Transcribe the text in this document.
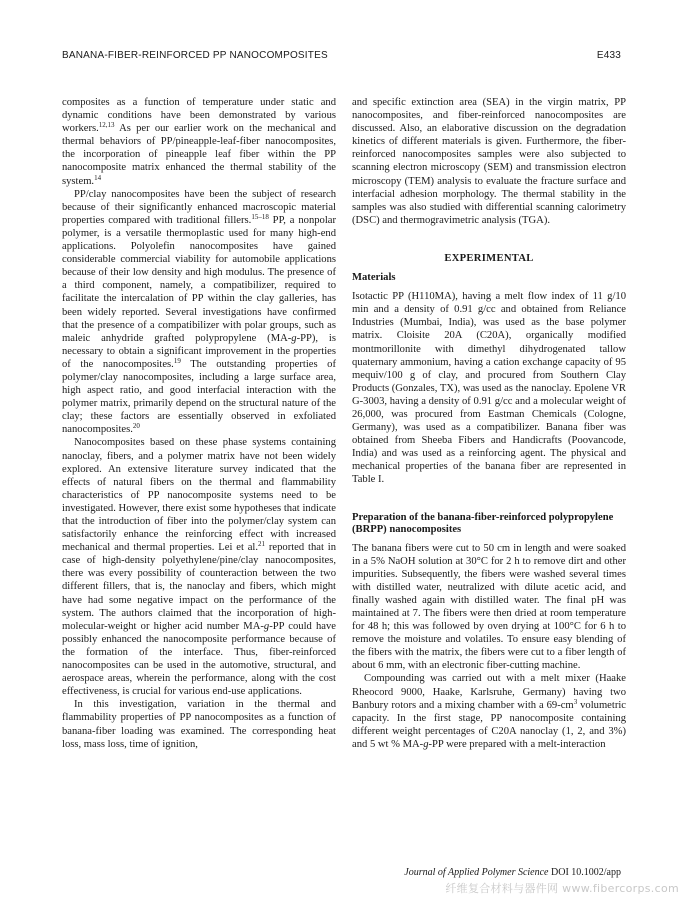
BANANA-FIBER-REINFORCED PP NANOCOMPOSITES	E433

composites as a function of temperature under static and dynamic conditions have been demonstrated by various workers.$^{12,13}$ As per our earlier work on the mechanical and thermal behaviors of PP/pineapple-leaf-fiber nanocomposites, the incorporation of pineapple leaf fiber within the PP nanocomposite matrix enhanced the thermal stability of the system.$^{14}$

PP/clay nanocomposites have been the subject of research because of their significantly enhanced macroscopic material properties compared with traditional fillers.$^{15-18}$ PP, a nonpolar polymer, is a versatile thermoplastic used for many high-end applications. Polyolefin nanocomposites have gained considerable commercial viability for automobile applications because of their low density and high modulus. The presence of a third component, namely, a compatibilizer, required to facilitate the intercalation of PP within the clay galleries, has been widely reported. Several investigations have confirmed that the presence of a compatibilizer with polar groups, such as maleic anhydride grafted polypropylene (MA-g-PP), is necessary to obtain a significant improvement in the properties of the nanocomposites.$^{19}$ The outstanding properties of polymer/clay nanocomposites, including a large surface area, high aspect ratio, and good interfacial interaction with the polymer matrix, primarily depend on the structural nature of the clay; these factors are essentially observed in exfoliated nanocomposites.$^{20}$

Nanocomposites based on these phase systems containing nanoclay, fibers, and a polymer matrix have not been widely explored. An extensive literature survey indicated that the effects of natural fibers on the thermal and flammability characteristics of PP nanocomposite systems need to be investigated. However, there exist some hypotheses that indicate that the introduction of fiber into the polymer/clay system can satisfactorily enhance the reinforcing effect with increased mechanical and thermal properties. Lei et al.$^{21}$ reported that in case of high-density polyethylene/pine/clay nanocomposites, there was every possibility of counteraction between the two different fillers, that is, the nanoclay and fibers, which might have had some negative impact on the performance of the system. The authors claimed that the incorporation of high-molecular-weight or higher acid number MA-g-PP could have possibly enhanced the nanocomposite performance because of the formation of the interface. Thus, fiber-reinforced nanocomposites can be used in the automotive, structural, and aerospace areas, wherein the performance, along with the cost effectiveness, is crucial for various end-use applications.

In this investigation, variation in the thermal and flammability properties of PP nanocomposites as a function of banana-fiber loading was examined. The corresponding heat loss, mass loss, time of ignition,

and specific extinction area (SEA) in the virgin matrix, PP nanocomposites, and fiber-reinforced nanocomposites are discussed. Also, an elaborative discussion on the degradation kinetics of different materials is given. Furthermore, the fiber-reinforced nanocomposites samples were also subjected to scanning electron microscopy (SEM) and transmission electron microscopy (TEM) analysis to evaluate the fracture surface and interfacial adhesion morphology. The thermal stability in the samples was also studied with differential scanning calorimetry (DSC) and thermogravimetric analysis (TGA).

EXPERIMENTAL
Materials

Isotactic PP (H110MA), having a melt flow index of 11 g/10 min and a density of 0.91 g/cc and obtained from Reliance Industries (Mumbai, India), was used as the base polymer matrix. Cloisite 20A (C20A), organically modified montmorillonite with dimethyl dihydrogenated tallow quaternary ammonium, having a cation exchange capacity of 95 mequiv/100 g of clay, and procured from Southern Clay Products (Gonzales, TX), was used as the nanoclay. Epolene VR G-3003, having a density of 0.91 g/cc and a molecular weight of 26,000, was procured from Eastman Chemicals (Cologne, Germany), was used as a compatibilizer. Banana fiber was obtained from Sheeba Fibers and Handicrafts (Poovancode, India) and was used as a reinforcing agent. The physical and mechanical properties of the banana fiber are represented in Table I.

Preparation of the banana-fiber-reinforced polypropylene (BRPP) nanocomposites

The banana fibers were cut to 50 cm in length and were soaked in a 5% NaOH solution at 30°C for 2 h to remove dirt and other impurities. Subsequently, the fibers were washed several times with distilled water, neutralized with dilute acetic acid, and finally washed again with distilled water. The final pH was maintained at 7. The fibers were then dried at room temperature for 48 h; this was followed by oven drying at 100°C for 6 h to remove the moisture and volatiles. To ensure easy blending of the fibers with the matrix, the fibers were cut to a fiber length of about 6 mm, with an electronic fiber-cutting machine.

Compounding was carried out with a melt mixer (Haake Rheocord 9000, Haake, Karlsruhe, Germany) having two Banbury rotors and a mixing chamber with a $69-cm^3$ volumetric capacity. In the first stage, PP nanocomposite containing different weight percentages of C20A nanoclay (1, 2, and 3%) and 5 wt % MA-g-PP were prepared with a melt-interaction

Journal of Applied Polymer Science DOI 10.1002/app
纤维复合材料与器件网 www.fibercorps.com
